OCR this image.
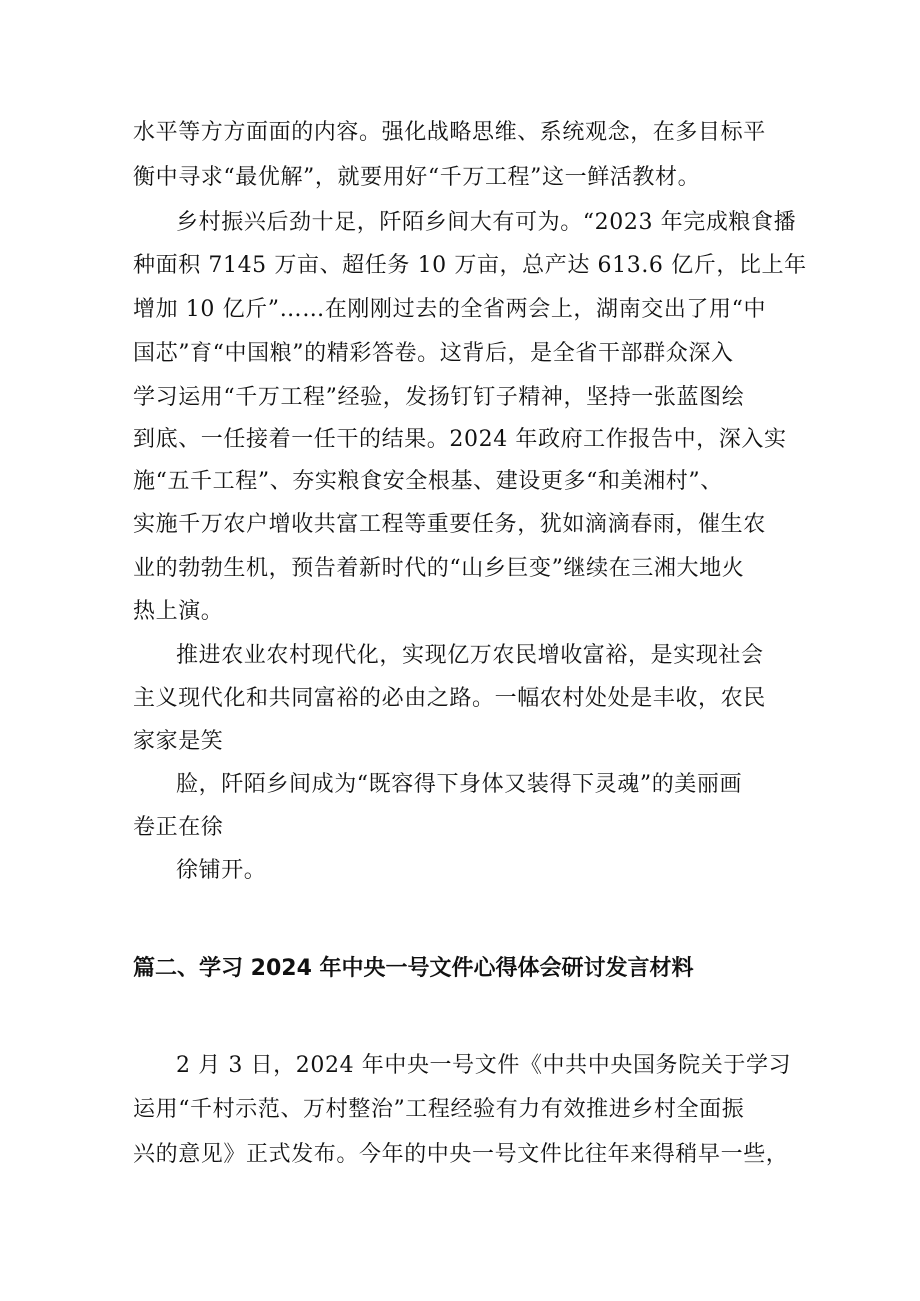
水平等方方面面的内容。强化战略思维、系统观念，在多目标平
衡中寻求“最优解”，就要用好“千万工程”这一鲜活教材。
乡村振兴后劲十足，阡陌乡间大有可为。“2023 年完成粮食播
种面积 7145 万亩、超任务 10 万亩，总产达 613.6 亿斤，比上年
增加 10 亿斤”……在刚刚过去的全省两会上，湖南交出了用“中
国芯”育“中国粮”的精彩答卷。这背后，是全省干部群众深入
学习运用“千万工程”经验，发扬钉钉子精神，坚持一张蓝图绘
到底、一任接着一任干的结果。2024 年政府工作报告中，深入实
施“五千工程”、夯实粮食安全根基、建设更多“和美湘村”、
实施千万农户增收共富工程等重要任务，犹如滴滴春雨，催生农
业的勃勃生机，预告着新时代的“山乡巨变”继续在三湘大地火
热上演。
推进农业农村现代化，实现亿万农民增收富裕，是实现社会
主义现代化和共同富裕的必由之路。一幅农村处处是丰收，农民
家家是笑
脸，阡陌乡间成为“既容得下身体又装得下灵魂”的美丽画
卷正在徐
徐铺开。
篇二、学习 2024 年中央一号文件心得体会研讨发言材料
2 月 3 日，2024 年中央一号文件《中共中央国务院关于学习
运用“千村示范、万村整治”工程经验有力有效推进乡村全面振
兴的意见》正式发布。今年的中央一号文件比往年来得稍早一些，
